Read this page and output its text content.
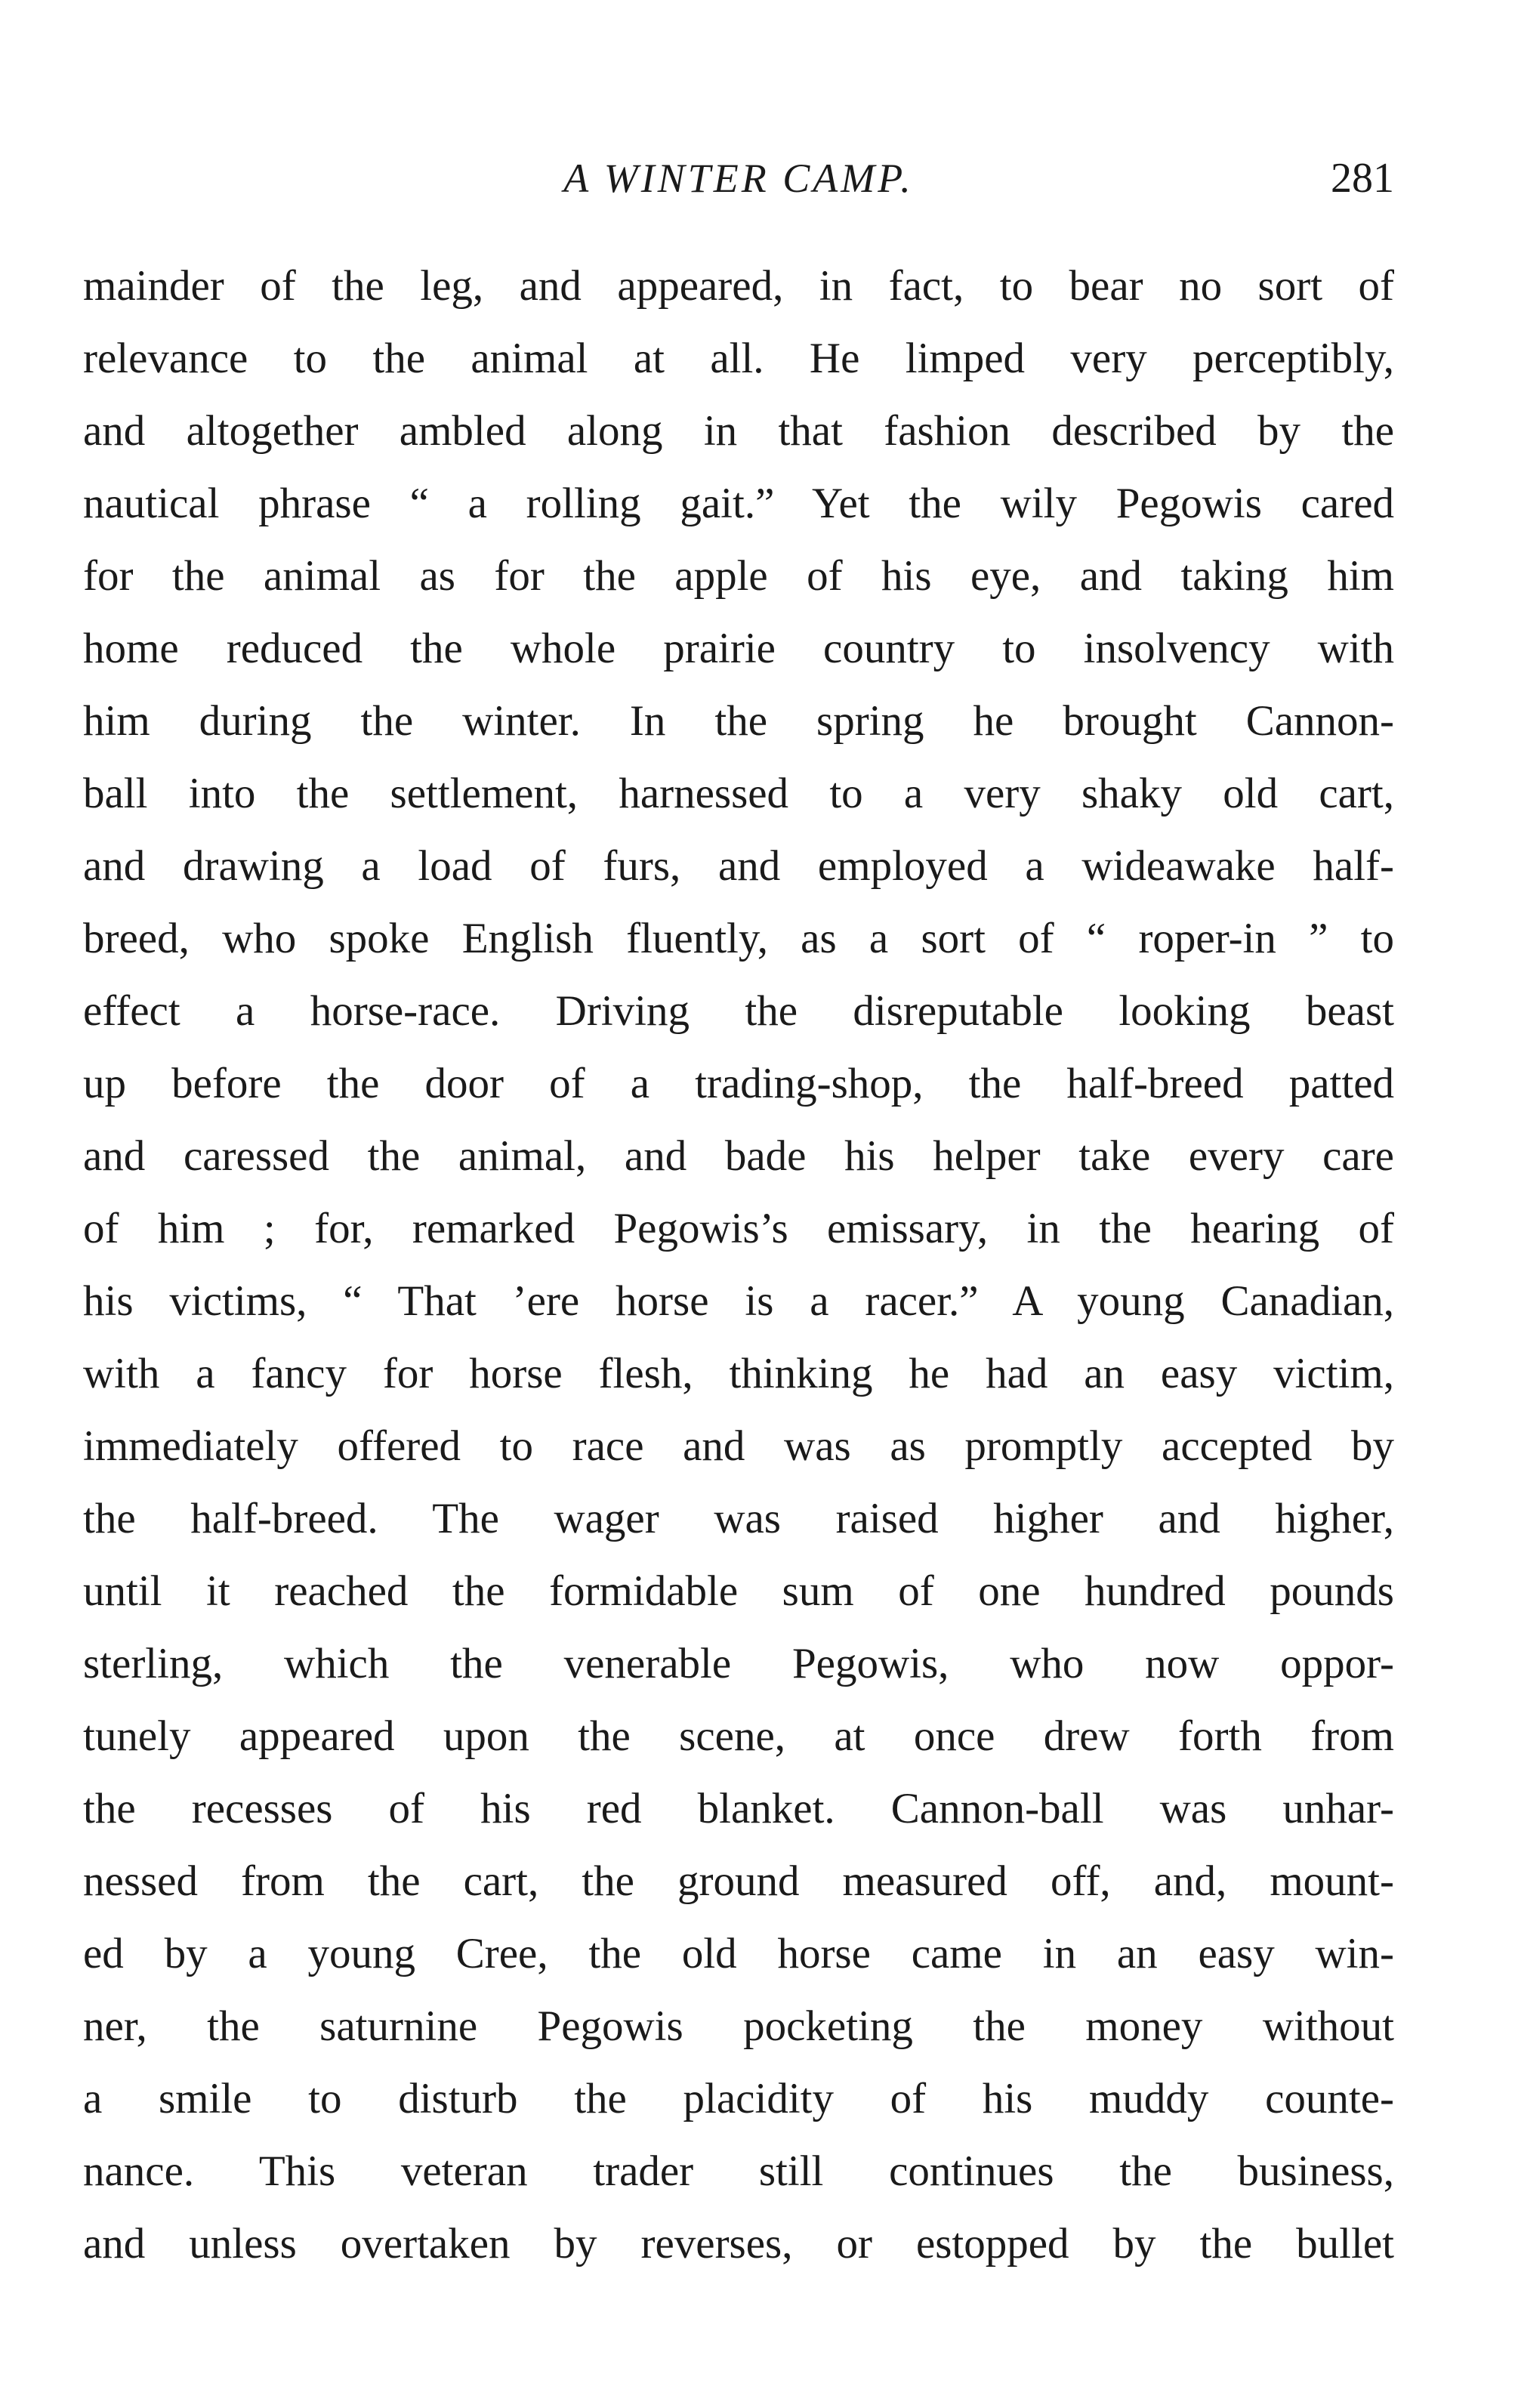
A WINTER CAMP.	281
mainder of the leg, and appeared, in fact, to bear no sort of
relevance to the animal at all. He limped very perceptibly,
and altogether ambled along in that fashion described by the
nautical phrase “ a rolling gait.” Yet the wily Pegowis cared
for the animal as for the apple of his eye, and taking him
home reduced the whole prairie country to insolvency with
him during the winter. In the spring he brought Cannon-
ball into the settlement, harnessed to a very shaky old cart,
and drawing a load of furs, and employed a wideawake half-
breed, who spoke English fluently, as a sort of “ roper-in ” to
effect a horse-race. Driving the disreputable looking beast
up before the door of a trading-shop, the half-breed patted
and caressed the animal, and bade his helper take every care
of him ; for, remarked Pegowis’s emissary, in the hearing of
his victims, “ That ’ere horse is a racer.” A young Canadian,
with a fancy for horse flesh, thinking he had an easy victim,
immediately offered to race and was as promptly accepted by
the half-breed. The wager was raised higher and higher,
until it reached the formidable sum of one hundred pounds
sterling, which the venerable Pegowis, who now oppor-
tunely appeared upon the scene, at once drew forth from
the recesses of his red blanket. Cannon-ball was unhar-
nessed from the cart, the ground measured off, and, mount-
ed by a young Cree, the old horse came in an easy win-
ner, the saturnine Pegowis pocketing the money without
a smile to disturb the placidity of his muddy counte-
nance. This veteran trader still continues the business,
and unless overtaken by reverses, or estopped by the bullet
